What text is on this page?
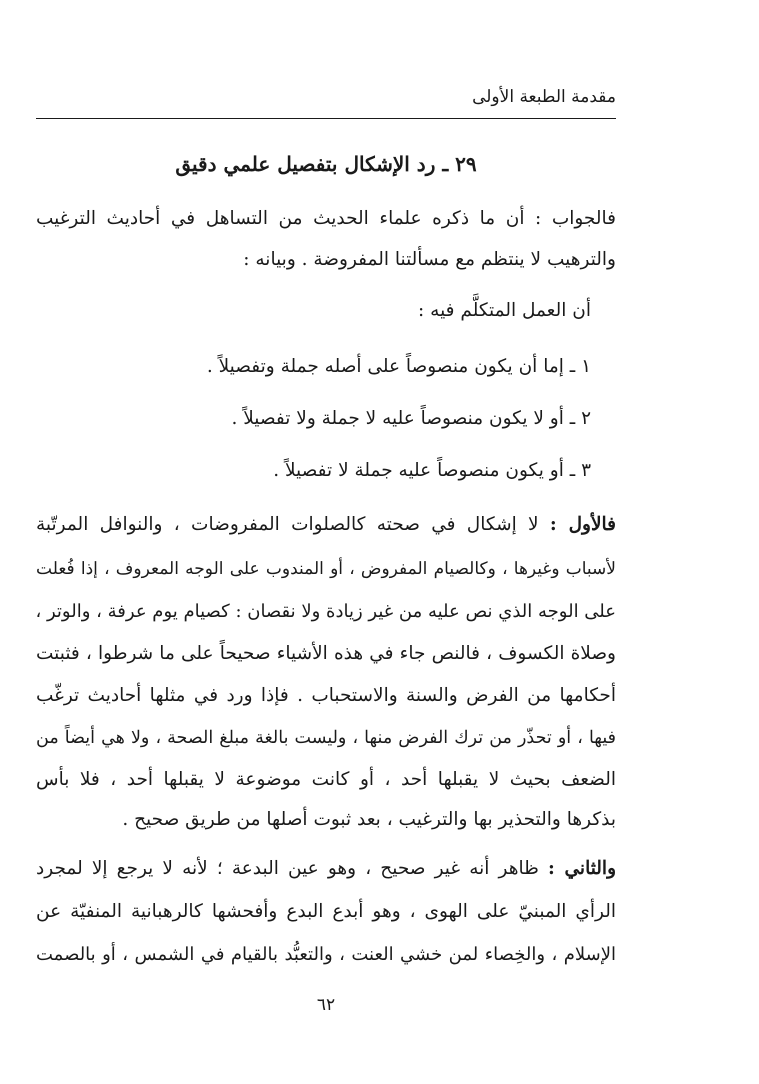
مقدمة الطبعة الأولى
٢٩ ـ رد الإشكال بتفصيل علمي دقيق
فالجواب : أن ما ذكره علماء الحديث من التساهل في أحاديث الترغيب
والترهيب لا ينتظم مع مسألتنا المفروضة . وبيانه :
أن العمل المتكلَّم فيه :
١ ـ إما أن يكون منصوصاً على أصله جملة وتفصيلاً .
٢ ـ أو لا يكون منصوصاً عليه لا جملة ولا تفصيلاً .
٣ ـ أو يكون منصوصاً عليه جملة لا تفصيلاً .
فالأول : لا إشكال في صحته كالصلوات المفروضات ، والنوافل المرتّبة
لأسباب وغيرها ، وكالصيام المفروض ، أو المندوب على الوجه المعروف ، إذا فُعلت
على الوجه الذي نص عليه من غير زيادة ولا نقصان : كصيام يوم عرفة ، والوتر ،
وصلاة الكسوف ، فالنص جاء في هذه الأشياء صحيحاً على ما شرطوا ، فثبتت
أحكامها من الفرض والسنة والاستحباب . فإذا ورد في مثلها أحاديث ترغّب
فيها ، أو تحذّر من ترك الفرض منها ، وليست بالغة مبلغ الصحة ، ولا هي أيضاً من
الضعف بحيث لا يقبلها أحد ، أو كانت موضوعة لا يقبلها أحد ، فلا بأس
بذكرها والتحذير بها والترغيب ، بعد ثبوت أصلها من طريق صحيح .
والثاني : ظاهر أنه غير صحيح ، وهو عين البدعة ؛ لأنه لا يرجع إلا لمجرد
الرأي المبنيّ على الهوى ، وهو أبدع البدع وأفحشها كالرهبانية المنفيّة عن
الإسلام ، والخِصاء لمن خشي العنت ، والتعبُّد بالقيام في الشمس ، أو بالصمت
٦٢
